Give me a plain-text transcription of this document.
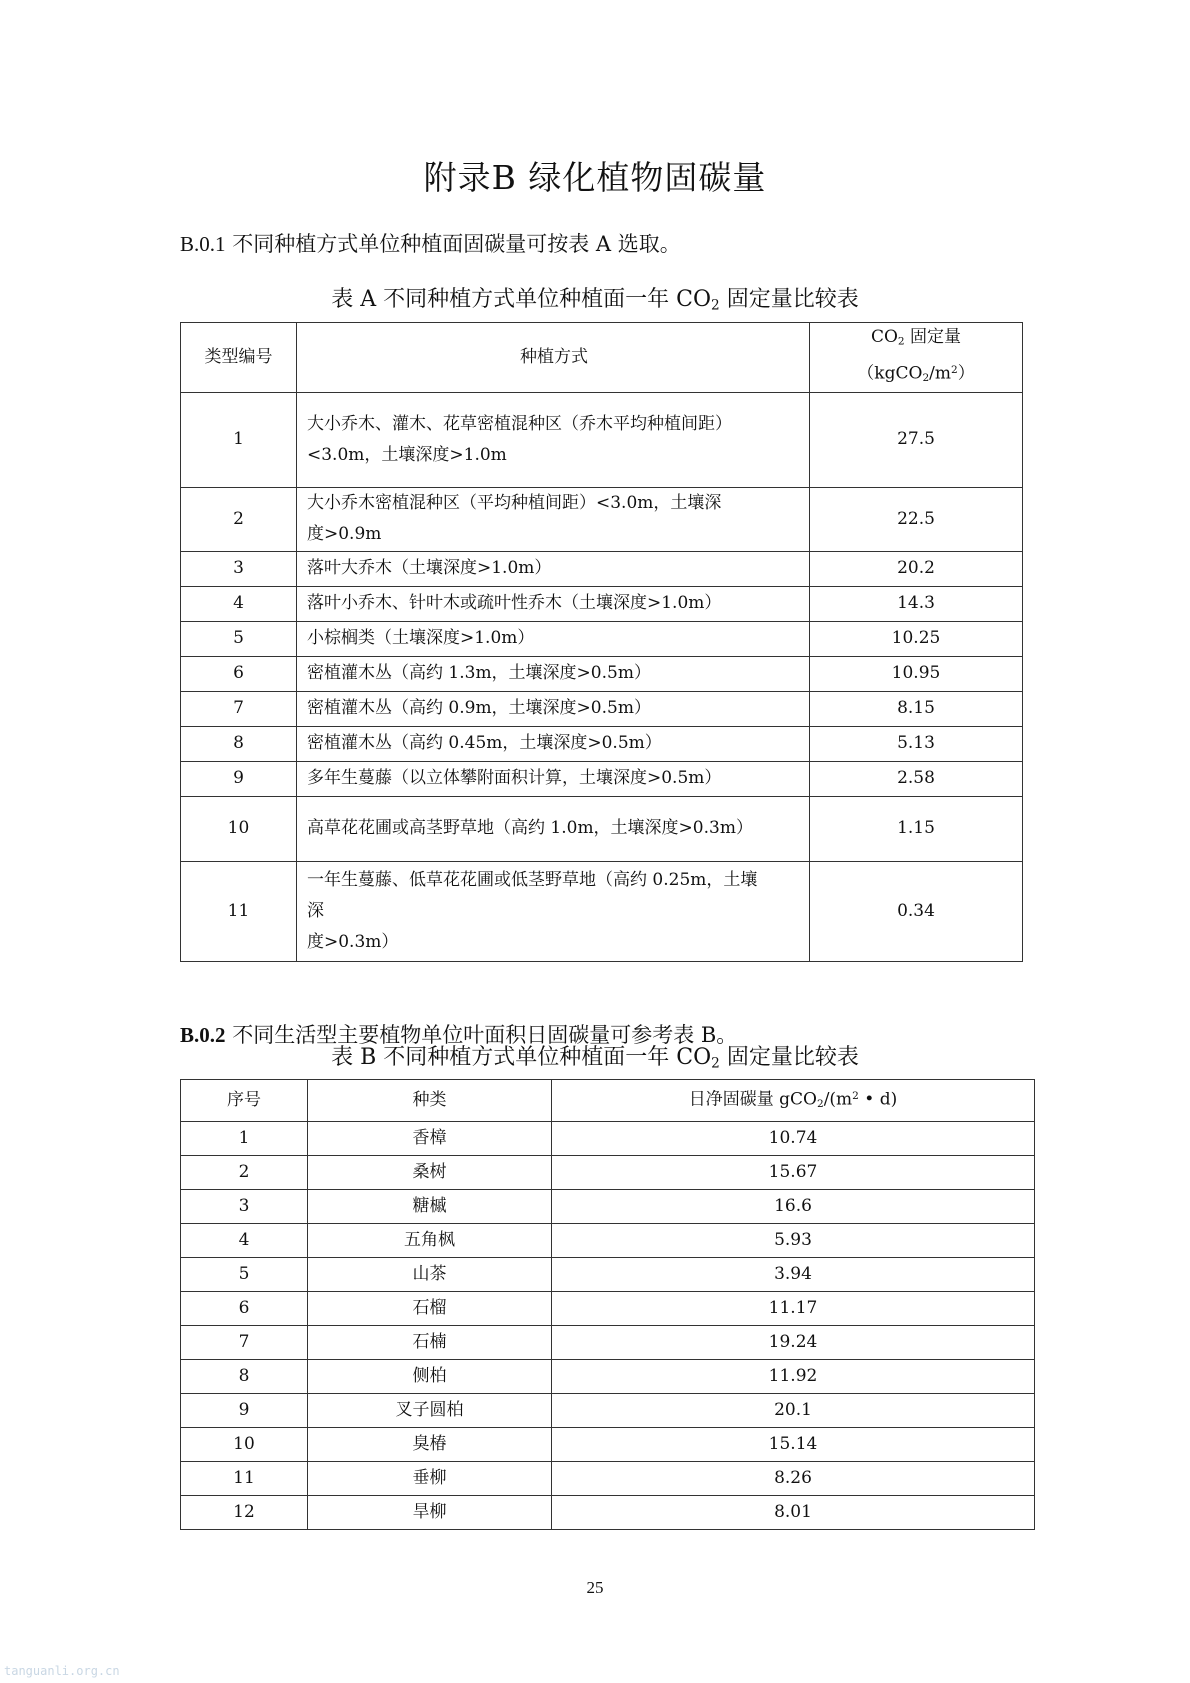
附录B 绿化植物固碳量

B.0.1 不同种植方式单位种植面固碳量可按表 A 选取。

表 A 不同种植方式单位种植面一年 $CO_2$ 固定量比较表

类型编号	种植方式	$CO_2$ 固定量
$(kgCO_2/m^2)$

1	大小乔木、灌木、花草密植混种区（乔木平均种植间距）
<3.0m，土壤深度>1.0m	27.5
2	大小乔木密植混种区（平均种植间距）<3.0m，土壤深
度>0.9m	22.5
3	落叶大乔木（土壤深度>1.0m）	20.2
4	落叶小乔木、针叶木或疏叶性乔木（土壤深度>1.0m）	14.3
5	小棕榈类（土壤深度>1.0m）	10.25
6	密植灌木丛（高约 1.3m，土壤深度>0.5m）	10.95
7	密植灌木丛（高约 0.9m，土壤深度>0.5m）	8.15
8	密植灌木丛（高约 0.45m，土壤深度>0.5m）	5.13
9	多年生蔓藤（以立体攀附面积计算，土壤深度>0.5m）	2.58
10	高草花花圃或高茎野草地（高约 1.0m，土壤深度>0.3m）	1.15
11	一年生蔓藤、低草花花圃或低茎野草地（高约 0.25m，土壤
深
度>0.3m）	0.34

B.0.2 不同生活型主要植物单位叶面积日固碳量可参考表 B。

表 B 不同种植方式单位种植面一年 $CO_2$ 固定量比较表

序号	种类	日净固碳量 $gCO_2/(m^2$ • d)
1	香樟	10.74
2	桑树	15.67
3	糖槭	16.6
4	五角枫	5.93
5	山茶	3.94
6	石榴	11.17
7	石楠	19.24
8	侧柏	11.92
9	叉子圆柏	20.1
10	臭椿	15.14
11	垂柳	8.26
12	旱柳	8.01
25
tanguanli.org.cn
